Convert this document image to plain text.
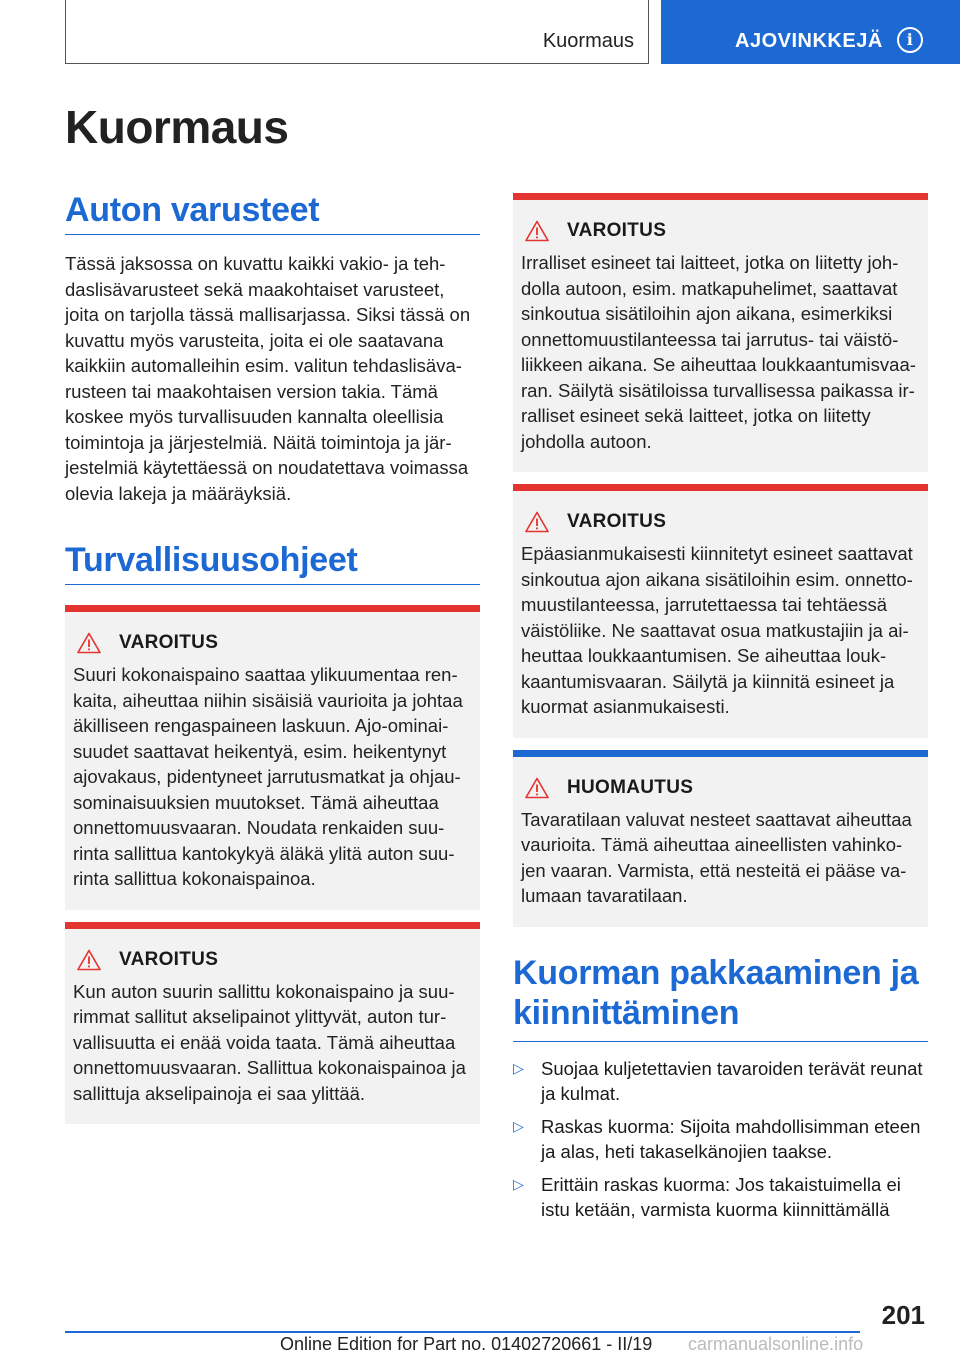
Kuormaus	AJOVINKKEJÄ	i
Kuormaus
Auton varusteet

Tässä jaksossa on kuvattu kaikki vakio- ja tehdaslisävarusteet sekä maakohtaiset varusteet, joita on tarjolla tässä mallisarjassa. Siksi tässä on kuvattu myös varusteita, joita ei ole saatavana kaikkiin automalleihin esim. valitun tehdaslisävarusteen tai maakohtaisen version takia. Tämä koskee myös turvallisuuden kannalta oleellisia toimintoja ja järjestelmiä. Näitä toimintoja ja järjestelmiä käytettäessä on noudatettava voimassa olevia lakeja ja määräyksiä.

Turvallisuusohjeet
VAROITUS

Suuri kokonaispaino saattaa ylikuumentaa renkaita, aiheuttaa niihin sisäisiä vaurioita ja johtaa äkilliseen rengaspaineen laskuun. Ajo-ominaisuudet saattavat heikentyä, esim. heikentynyt ajovakaus, pidentyneet jarrutusmatkat ja ohjausominaisuuksien muutokset. Tämä aiheuttaa onnettomuusvaaran. Noudata renkaiden suurinta sallittua kantokykyä äläkä ylitä auton suurinta sallittua kokonaispainoa.

VAROITUS

Kun auton suurin sallittu kokonaispaino ja suurimmat sallitut akselipainot ylittyvät, auton turvallisuutta ei enää voida taata. Tämä aiheuttaa onnettomuusvaaran. Sallittua kokonaispainoa ja sallittuja akselipainoja ei saa ylittää.

VAROITUS

Irralliset esineet tai laitteet, jotka on liitetty johdolla autoon, esim. matkapuhelimet, saattavat sinkoutua sisätiloihin ajon aikana, esimerkiksi onnettomuustilanteessa tai jarrutus- tai väistöliikkeen aikana. Se aiheuttaa loukkaantumisvaaran. Säilytä sisätiloissa turvallisessa paikassa irralliset esineet sekä laitteet, jotka on liitetty johdolla autoon.

VAROITUS

Epäasianmukaisesti kiinnitetyt esineet saattavat sinkoutua ajon aikana sisätiloihin esim. onnettomuustilanteessa, jarrutettaessa tai tehtäessä väistöliike. Ne saattavat osua matkustajiin ja aiheuttaa loukkaantumisen. Se aiheuttaa loukkaantumisvaaran. Säilytä ja kiinnitä esineet ja kuormat asianmukaisesti.

HUOMAUTUS

Tavaratilaan valuvat nesteet saattavat aiheuttaa vaurioita. Tämä aiheuttaa aineellisten vahinkojen vaaran. Varmista, että nesteitä ei pääse valumaan tavaratilaan.

Kuorman pakkaaminen ja kiinnittäminen
▷ Suojaa kuljetettavien tavaroiden terävät reunat ja kulmat.
▷ Raskas kuorma: Sijoita mahdollisimman eteen ja alas, heti takaselkänojien taakse.
▷ Erittäin raskas kuorma: Jos takaistuimella ei istu ketään, varmista kuorma kiinnittämällä
201
Online Edition for Part no. 01402720661 - II/19 carmanualsonline.info
